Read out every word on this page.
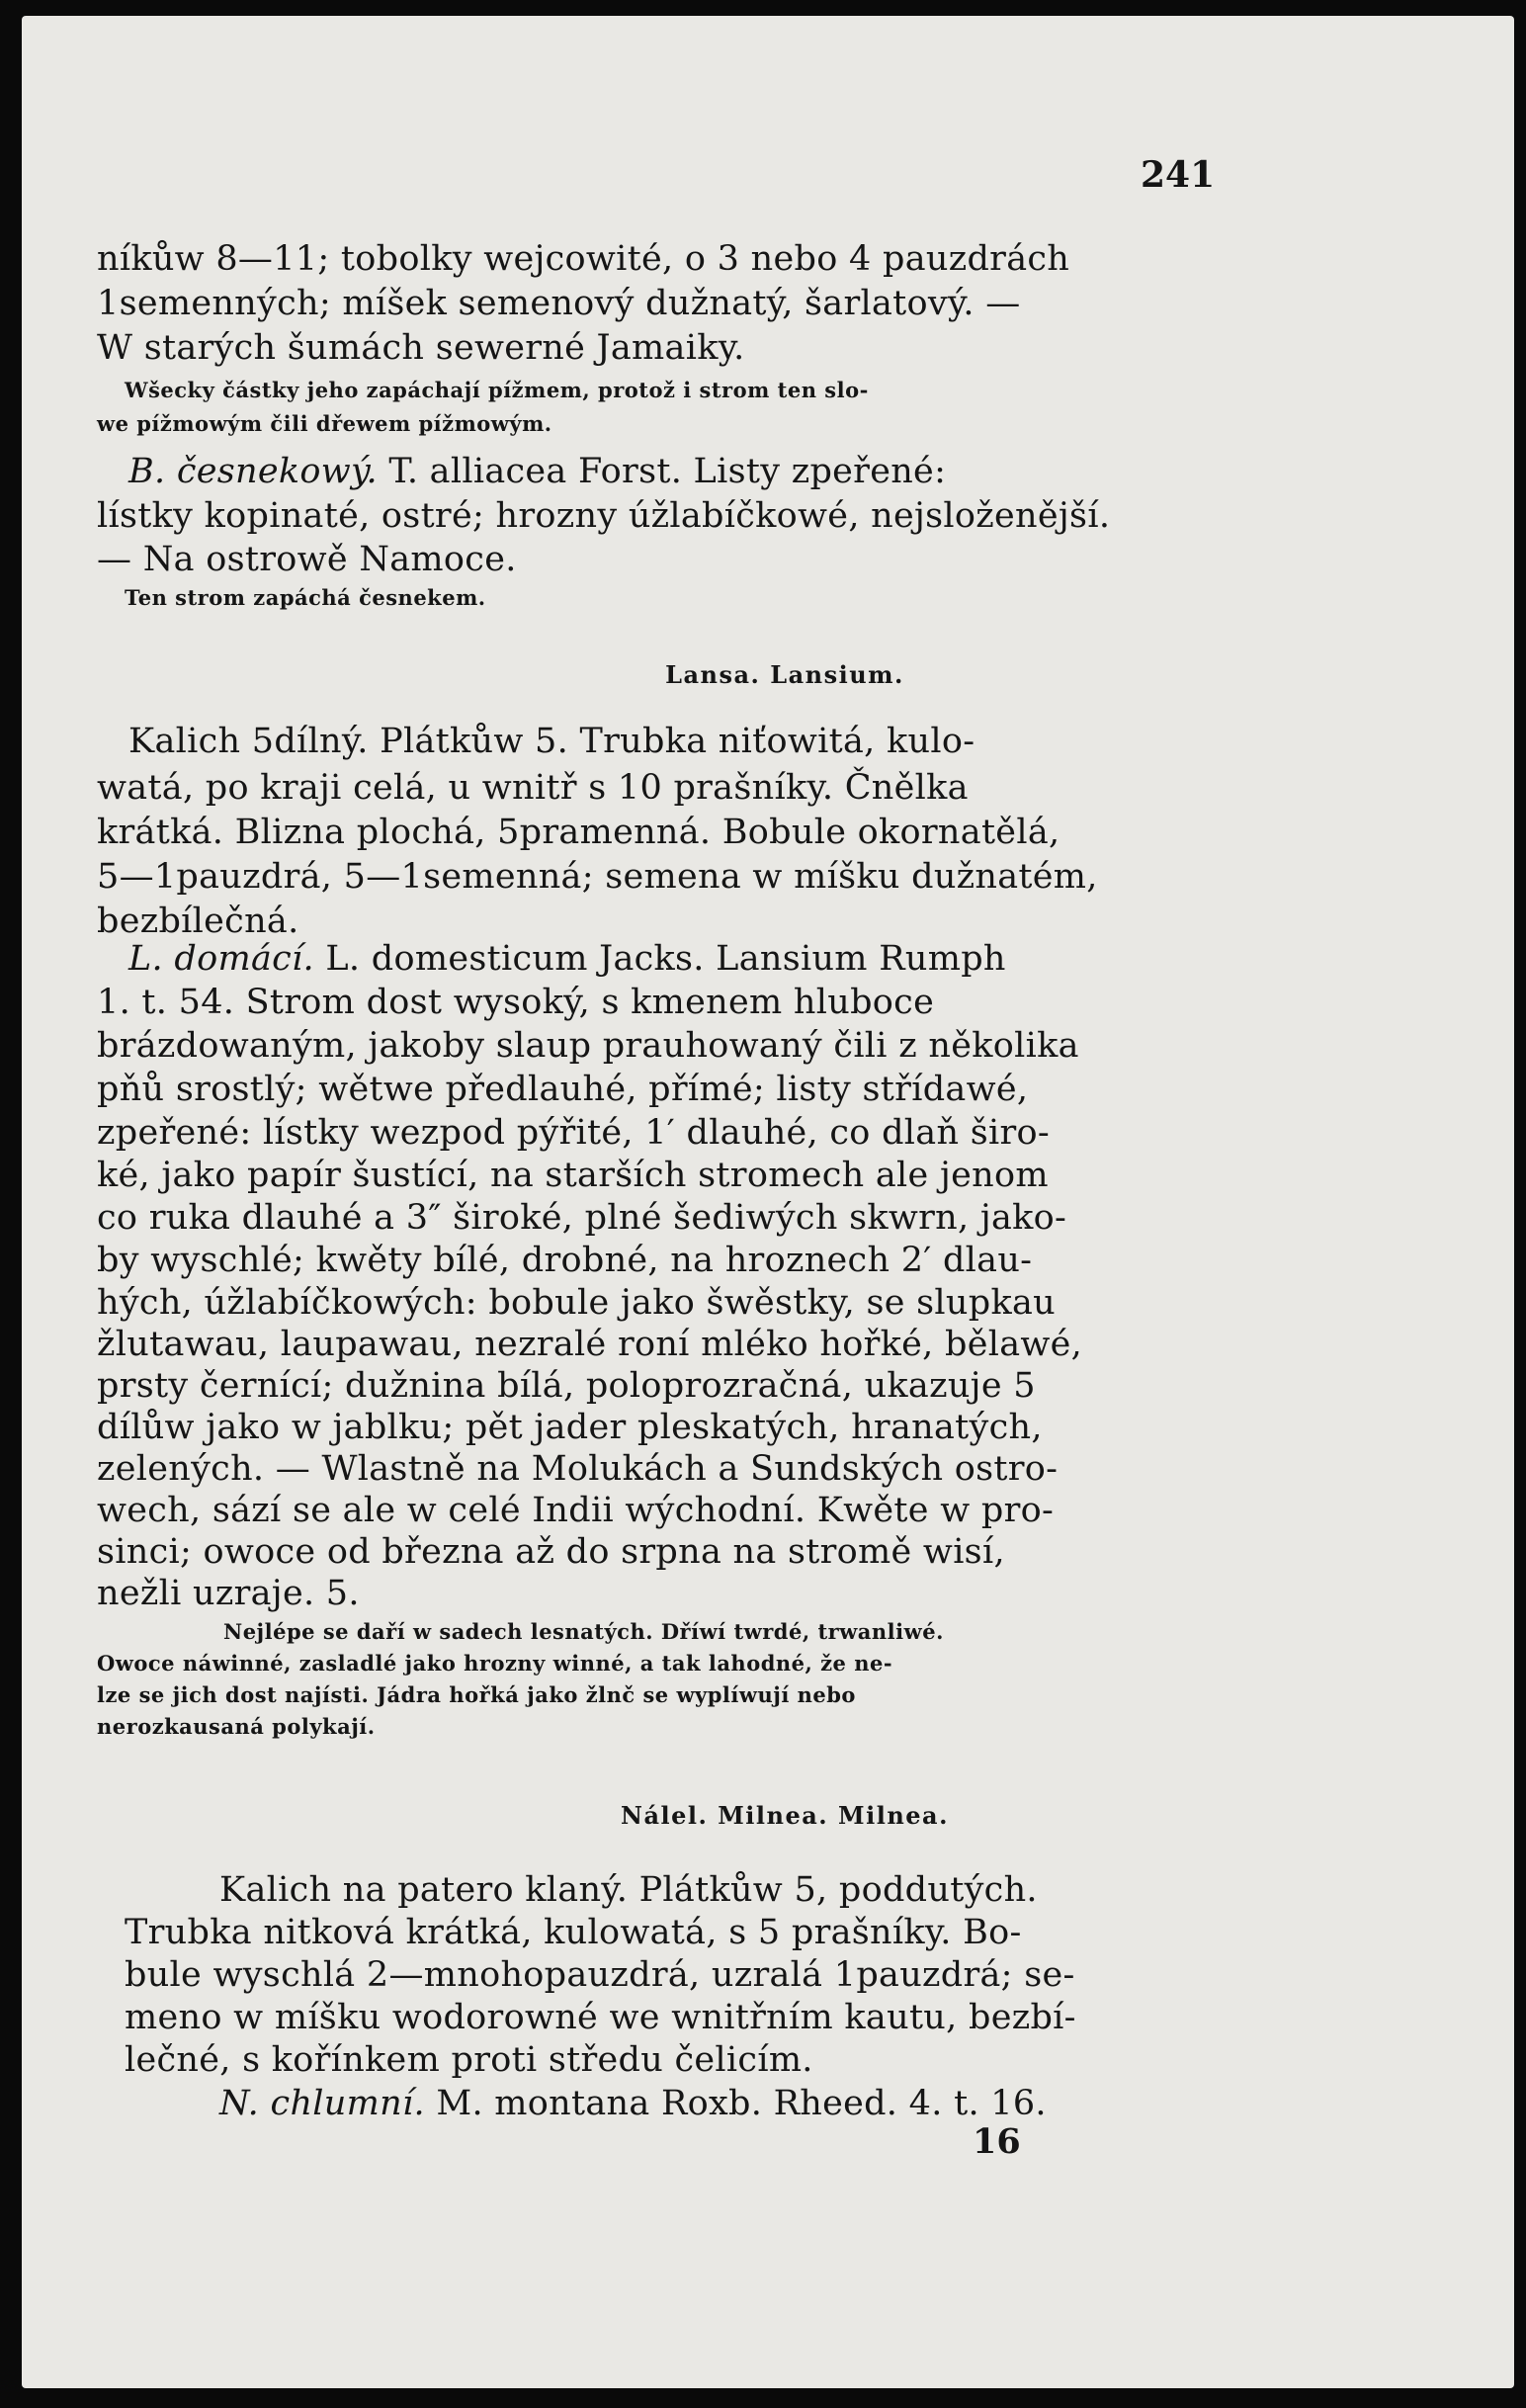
241
níkůw 8—11; tobolky wejcowité, o 3 nebo 4 pauzdrách
1semenných; míšek semenový dužnatý, šarlatový. —
W starých šumách sewerné Jamaiky.
Wšecky částky jeho zapáchají pížmem, protož i strom ten slo-
we pížmowým čili dřewem pížmowým.
B. česnekowý. T. alliacea Forst. Listy zpeřené:
lístky kopinaté, ostré; hrozny úžlabíčkowé, nejsloženější.
— Na ostrowě Namoce.
Ten strom zapáchá česnekem.
Lansa. Lansium.
Kalich 5dílný. Plátkůw 5. Trubka niťowitá, kulo-
watá, po kraji celá, u wnitř s 10 prašníky. Čnělka
krátká. Blizna plochá, 5pramenná. Bobule okornatělá,
5—1pauzdrá, 5—1semenná; semena w míšku dužnatém,
bezbílečná.
L. domácí. L. domesticum Jacks. Lansium Rumph
1. t. 54. Strom dost wysoký, s kmenem hluboce
brázdowaným, jakoby slaup prauhowaný čili z několika
pňů srostlý; wětwe předlauhé, přímé; listy střídawé,
zpeřené: lístky wezpod pýřité, 1′ dlauhé, co dlaň širo-
ké, jako papír šustící, na starších stromech ale jenom
co ruka dlauhé a 3″ široké, plné šediwých skwrn, jako-
by wyschlé; kwěty bílé, drobné, na hroznech 2′ dlau-
hých, úžlabíčkowých: bobule jako šwěstky, se slupkau
žlutawau, laupawau, nezralé roní mléko hořké, bělawé,
prsty černící; dužnina bílá, poloprozračná, ukazuje 5
dílůw jako w jablku; pět jader pleskatých, hranatých,
zelených. — Wlastně na Molukách a Sundských ostro-
wech, sází se ale w celé Indii wýchodní. Kwěte w pro-
sinci; owoce od března až do srpna na stromě wisí,
nežli uzraje. 5.
Nejlépe se daří w sadech lesnatých. Dříwí twrdé, trwanliwé.
Owoce náwinné, zasladlé jako hrozny winné, a tak lahodné, že ne-
lze se jich dost najísti. Jádra hořká jako žlnč se wyplíwují nebo
nerozkausaná polykají.
Nálel. Milnea. Milnea.
Kalich na patero klaný. Plátkůw 5, poddutých.
Trubka nitková krátká, kulowatá, s 5 prašníky. Bo-
bule wyschlá 2—mnohopauzdrá, uzralá 1pauzdrá; se-
meno w míšku wodorowné we wnitřním kautu, bezbí-
lečné, s kořínkem proti středu čelicím.
N. chlumní. M. montana Roxb. Rheed. 4. t. 16.
16
